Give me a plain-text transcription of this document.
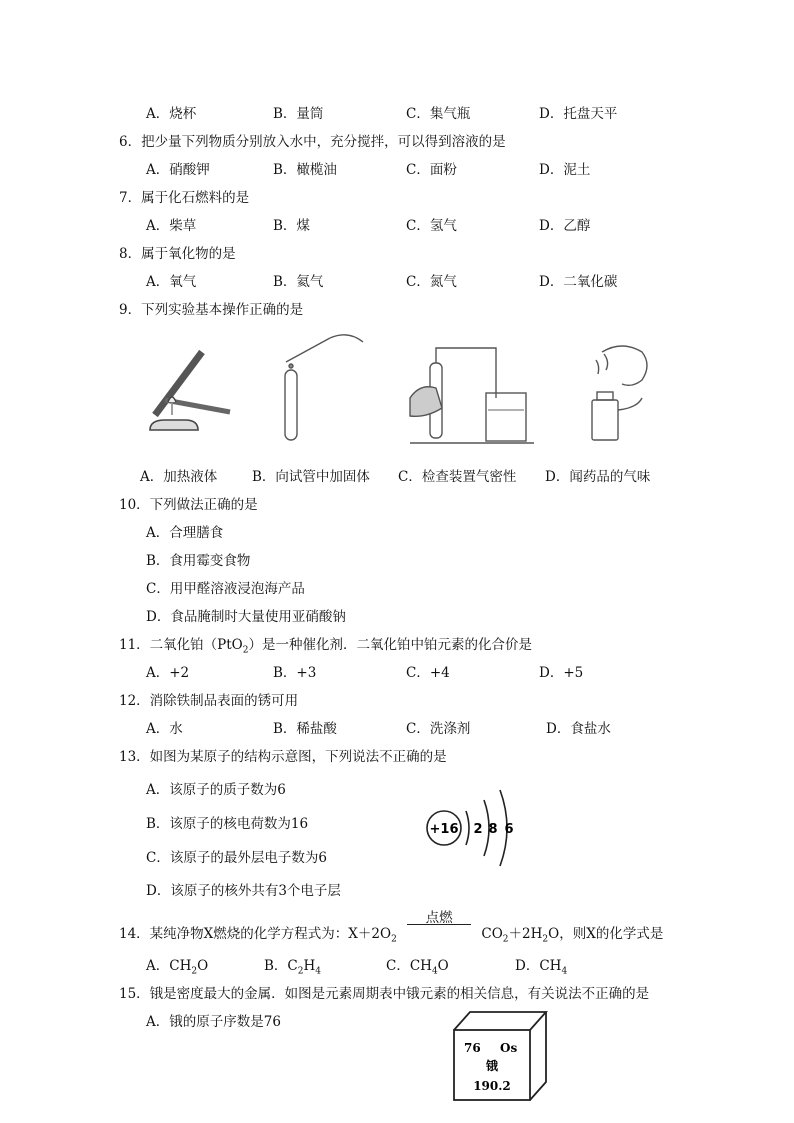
A．烧杯	B．量筒	C．集气瓶	D．托盘天平
6．把少量下列物质分别放入水中，充分搅拌，可以得到溶液的是
A．硝酸钾	B．橄榄油	C．面粉	D．泥土
7．属于化石燃料的是
A．柴草	B．煤	C．氢气	D．乙醇
8．属于氧化物的是
A．氧气	B．氦气	C．氮气	D．二氧化碳
9．下列实验基本操作正确的是
A．加热液体	B．向试管中加固体 C．检查装置气密性 D．闻药品的气味
10．下列做法正确的是
A．合理膳食
B．食用霉变食物
C．用甲醛溶液浸泡海产品
D．食品腌制时大量使用亚硝酸钠
11．二氧化铂（PtO$_2$）是一种催化剂．二氧化铂中铂元素的化合价是
A．+2	B．+3	C．+4	D．+5
12．消除铁制品表面的锈可用
A．水	B．稀盐酸	C．洗涤剂	D．食盐水
13．如图为某原子的结构示意图，下列说法不正确的是
A．该原子的质子数为6
B．该原子的核电荷数为16
C．该原子的最外层电子数为6
D．该原子的核外共有3个电子层
+16 2 8 6
14．某纯净物X燃烧的化学方程式为：$X+2O_2$
点燃
$CO_2+2H_2O$，则X的化学式是
A．$CH_2O$	B．$C_2H_4$	C．$CH_4O$	D．$CH_4$
15．锇是密度最大的金属．如图是元素周期表中锇元素的相关信息，有关说法不正确的是
A．锇的原子序数是76
76 Os
锇
190.2
